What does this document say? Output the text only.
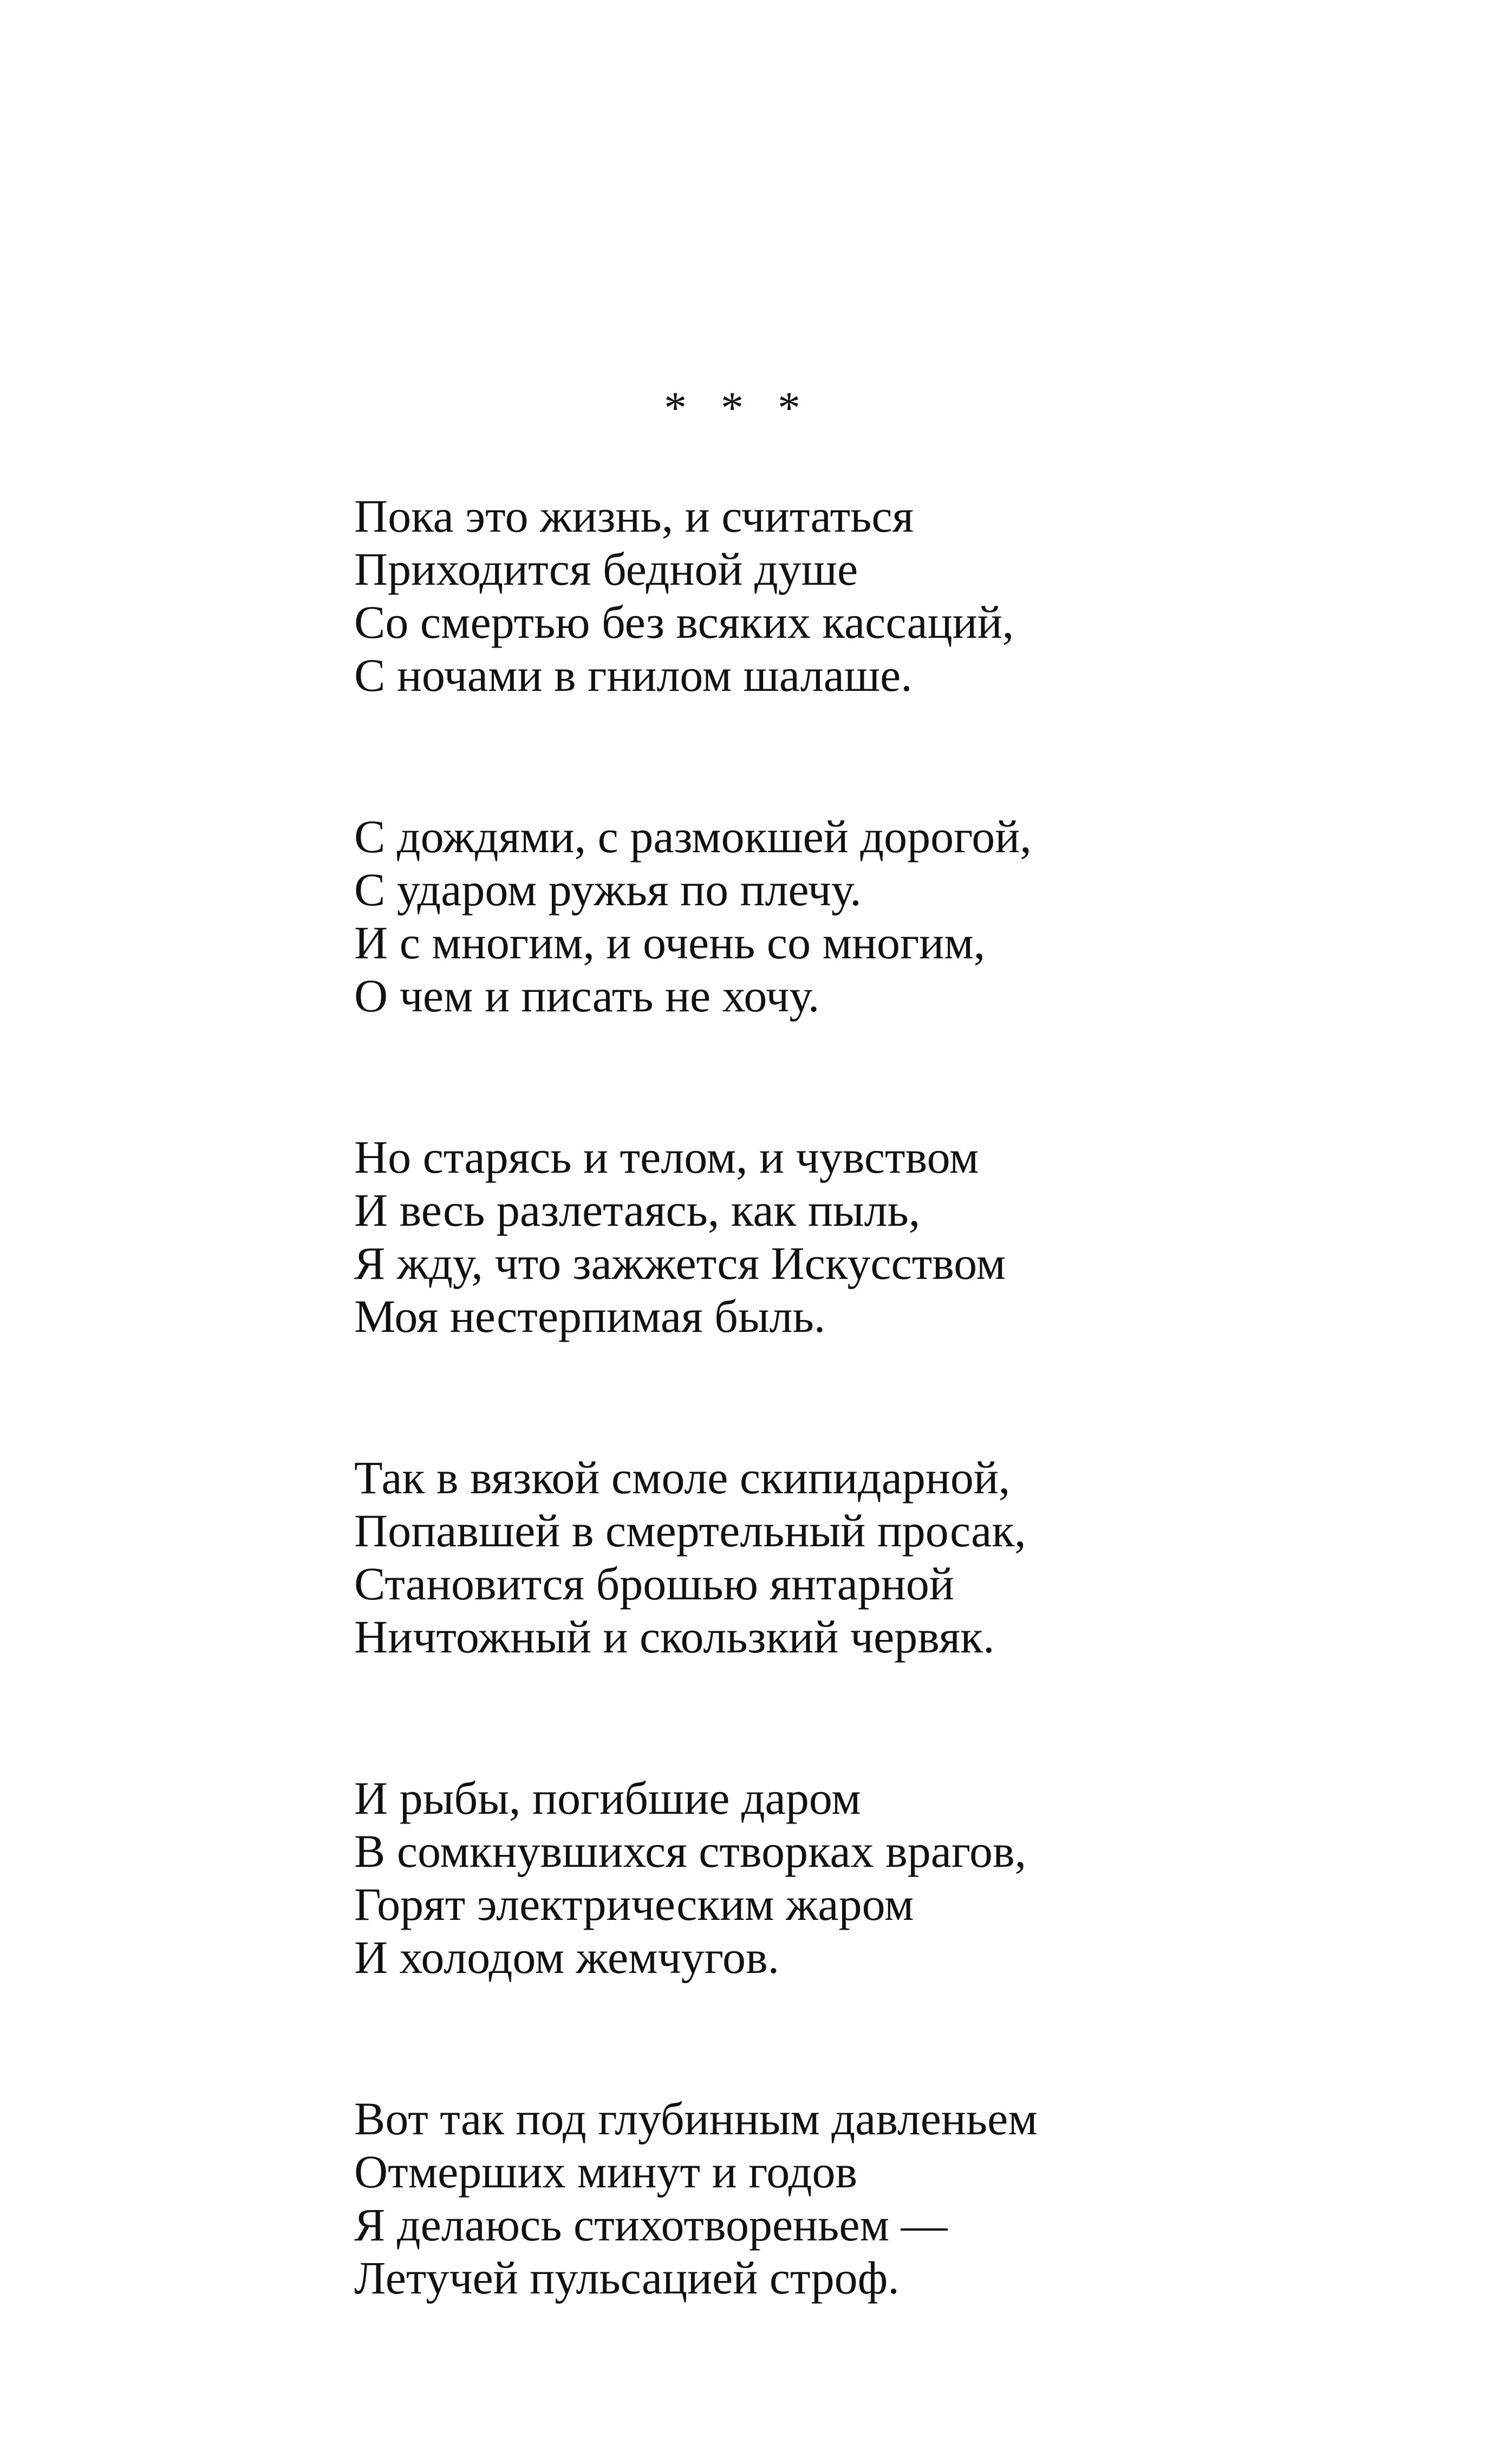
*   *   *
Пока это жизнь, и считаться
Приходится бедной душе
Со смертью без всяких кассаций,
С ночами в гнилом шалаше.
С дождями, с размокшей дорогой,
С ударом ружья по плечу.
И с многим, и очень со многим,
О чем и писать не хочу.
Но старясь и телом, и чувством
И весь разлетаясь, как пыль,
Я жду, что зажжется Искусством
Моя нестерпимая быль.
Так в вязкой смоле скипидарной,
Попавшей в смертельный просак,
Становится брошью янтарной
Ничтожный и скользкий червяк.
И рыбы, погибшие даром
В сомкнувшихся створках врагов,
Горят электрическим жаром
И холодом жемчугов.
Вот так под глубинным давленьем
Отмерших минут и годов
Я делаюсь стихотвореньем —
Летучей пульсацией строф.
